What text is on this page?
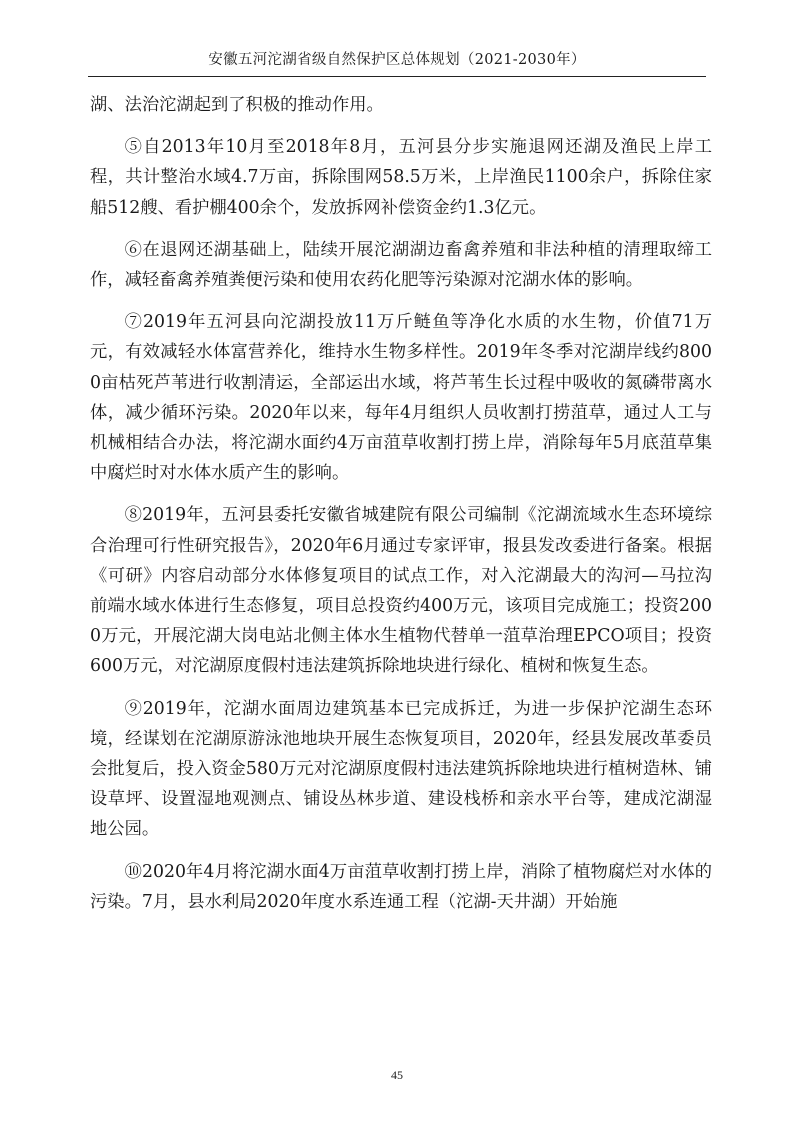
安徽五河沱湖省级自然保护区总体规划（2021-2030年）

湖、法治沱湖起到了积极的推动作用。

⑤自2013年10月至2018年8月，五河县分步实施退网还湖及渔民上岸工程，共计整治水域4.7万亩，拆除围网58.5万米，上岸渔民1100余户，拆除住家船512艘、看护棚400余个，发放拆网补偿资金约1.3亿元。

⑥在退网还湖基础上，陆续开展沱湖湖边畜禽养殖和非法种植的清理取缔工作，减轻畜禽养殖粪便污染和使用农药化肥等污染源对沱湖水体的影响。

⑦2019年五河县向沱湖投放11万斤鲢鱼等净化水质的水生物，价值71万元，有效减轻水体富营养化，维持水生物多样性。2019年冬季对沱湖岸线约8000亩枯死芦苇进行收割清运，全部运出水域，将芦苇生长过程中吸收的氮磷带离水体，减少循环污染。2020年以来，每年4月组织人员收割打捞菹草，通过人工与机械相结合办法，将沱湖水面约4万亩菹草收割打捞上岸，消除每年5月底菹草集中腐烂时对水体水质产生的影响。

⑧2019年，五河县委托安徽省城建院有限公司编制《沱湖流域水生态环境综合治理可行性研究报告》，2020年6月通过专家评审，报县发改委进行备案。根据《可研》内容启动部分水体修复项目的试点工作，对入沱湖最大的沟河—马拉沟前端水域水体进行生态修复，项目总投资约400万元，该项目完成施工；投资2000万元，开展沱湖大岗电站北侧主体水生植物代替单一菹草治理EPCO项目；投资600万元，对沱湖原度假村违法建筑拆除地块进行绿化、植树和恢复生态。

⑨2019年，沱湖水面周边建筑基本已完成拆迁，为进一步保护沱湖生态环境，经谋划在沱湖原游泳池地块开展生态恢复项目，2020年，经县发展改革委员会批复后，投入资金580万元对沱湖原度假村违法建筑拆除地块进行植树造林、铺设草坪、设置湿地观测点、铺设丛林步道、建设栈桥和亲水平台等，建成沱湖湿地公园。

⑩2020年4月将沱湖水面4万亩菹草收割打捞上岸，消除了植物腐烂对水体的污染。7月，县水利局2020年度水系连通工程（沱湖-天井湖）开始施

45
